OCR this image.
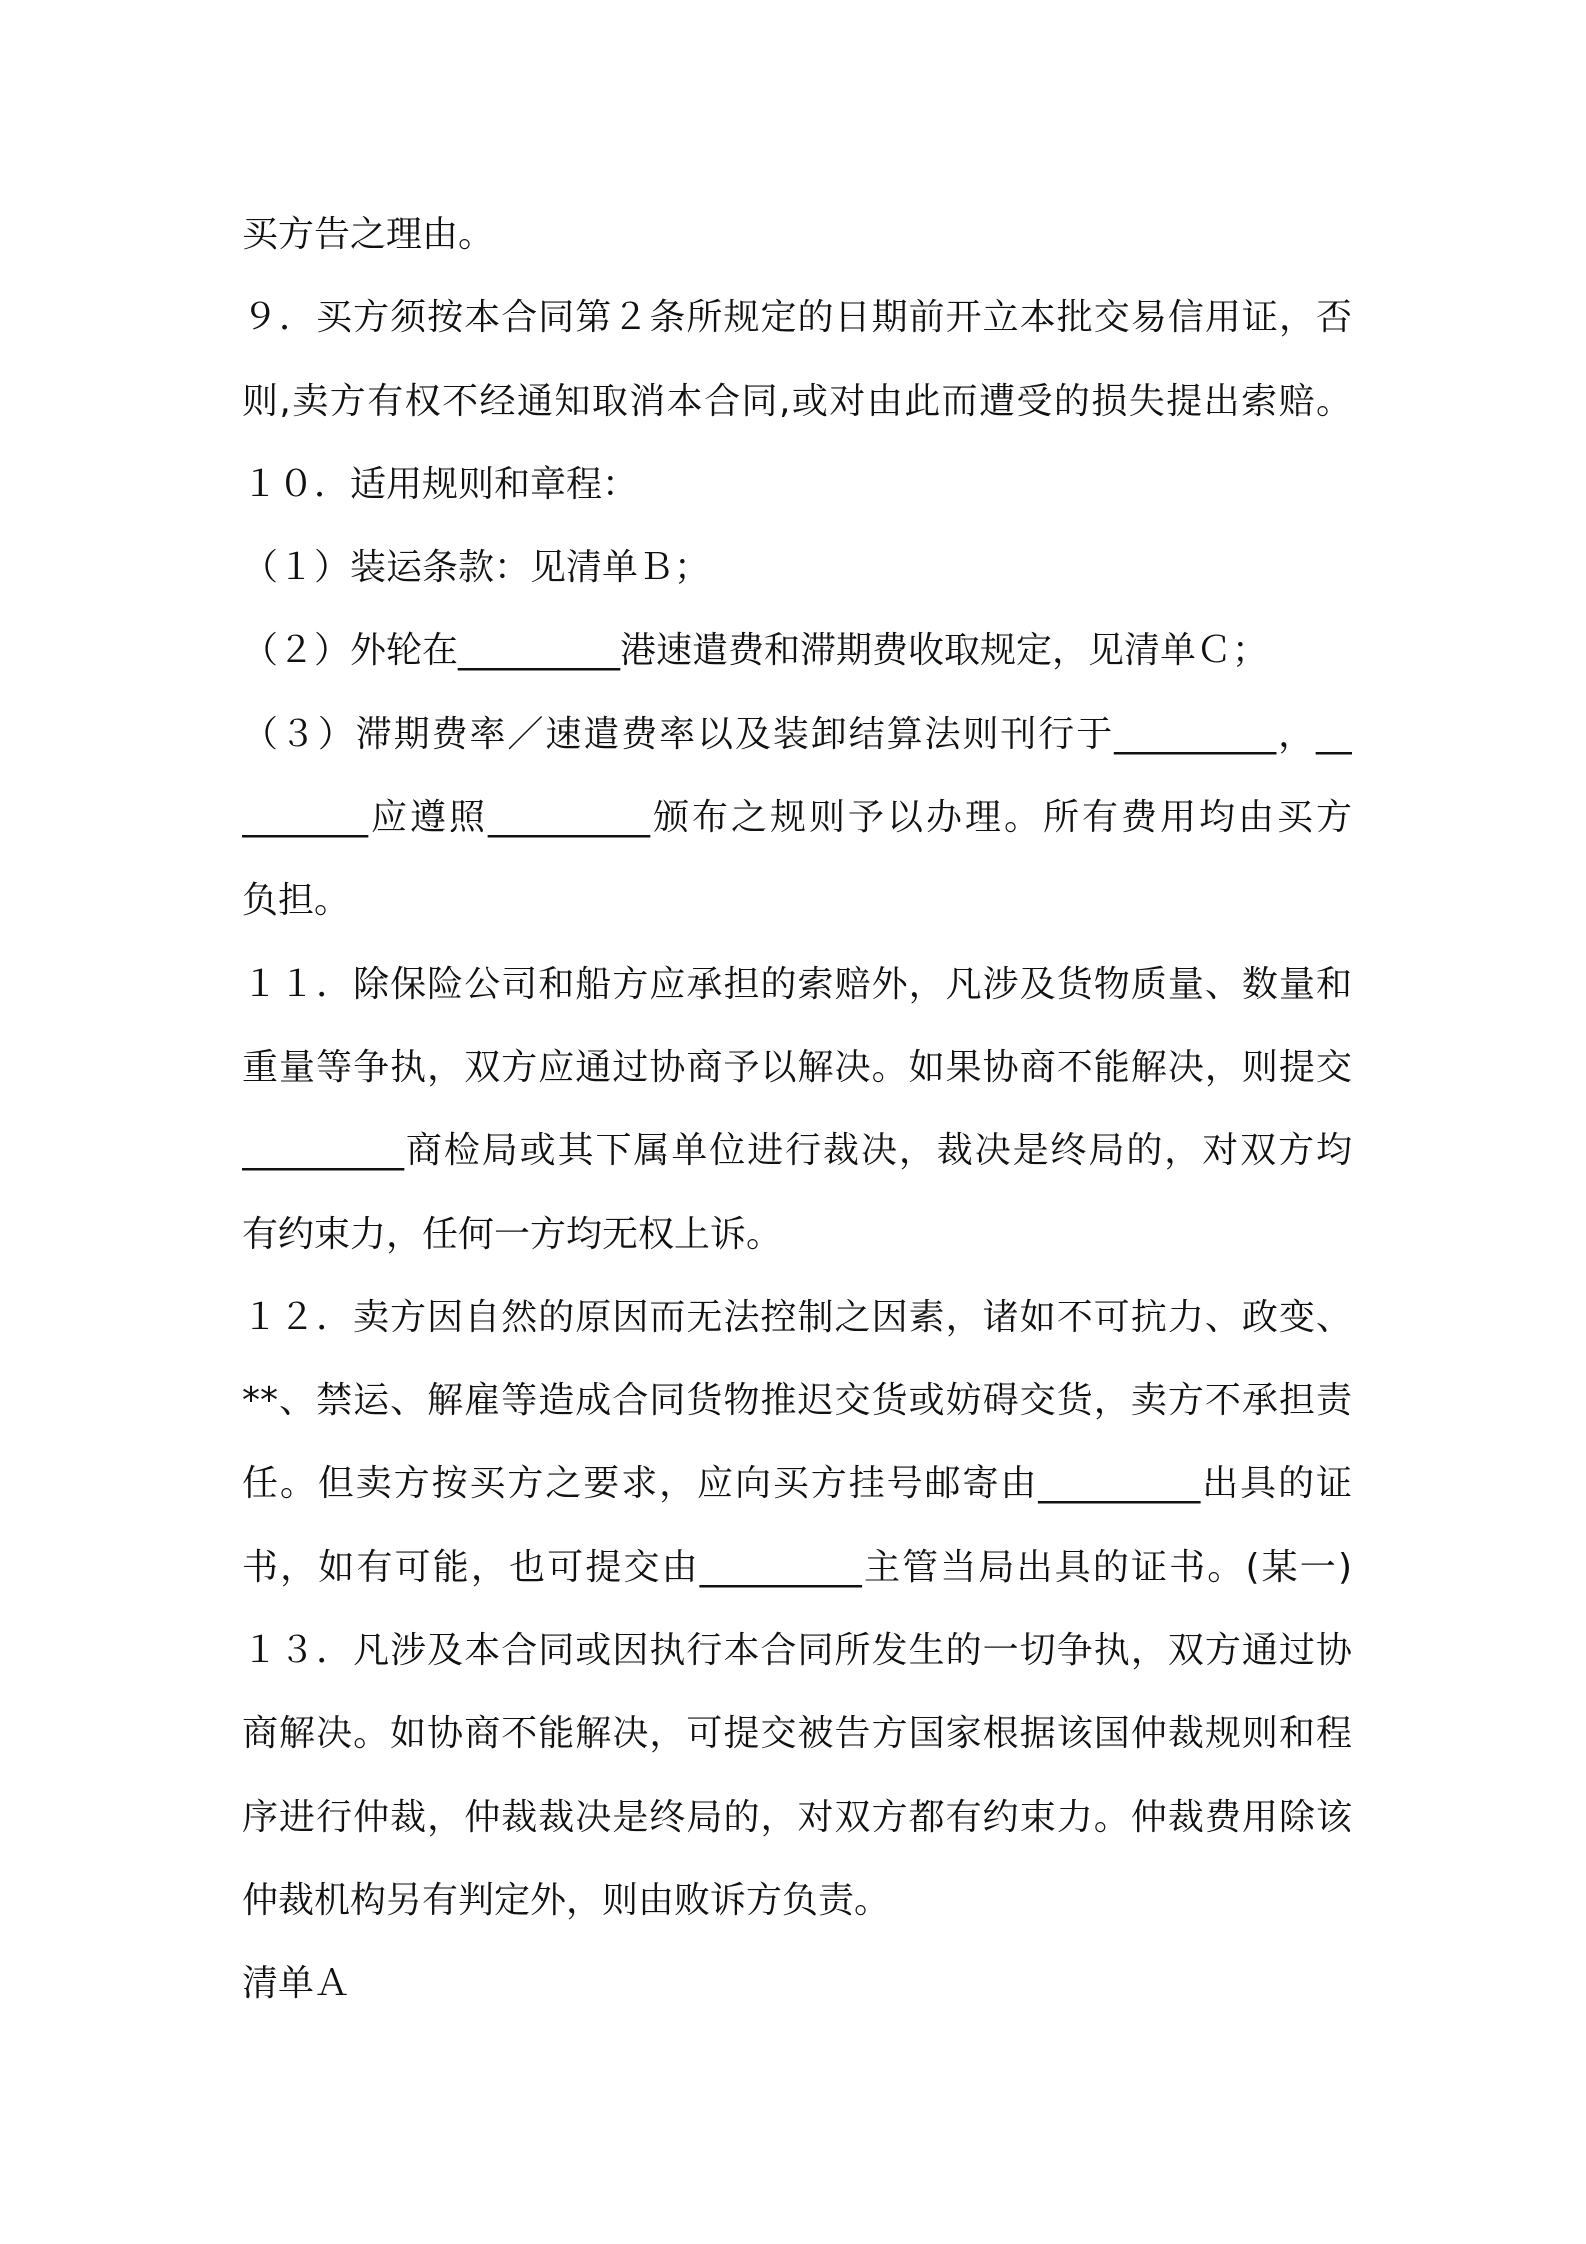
买方告之理由。
９．买方须按本合同第２条所规定的日期前开立本批交易信用证，否
则,卖方有权不经通知取消本合同,或对由此而遭受的损失提出索赔。
１０．适用规则和章程：
（１）装运条款：见清单Ｂ；
（２）外轮在_________港速遣费和滞期费收取规定，见清单Ｃ；
（３）滞期费率／速遣费率以及装卸结算法则刊行于_________，__
_______应遵照_________颁布之规则予以办理。所有费用均由买方
负担。
１１．除保险公司和船方应承担的索赔外，凡涉及货物质量、数量和
重量等争执，双方应通过协商予以解决。如果协商不能解决，则提交
_________商检局或其下属单位进行裁决，裁决是终局的，对双方均
有约束力，任何一方均无权上诉。
１２．卖方因自然的原因而无法控制之因素，诸如不可抗力、政变、
**、禁运、解雇等造成合同货物推迟交货或妨碍交货，卖方不承担责
任。但卖方按买方之要求，应向买方挂号邮寄由_________出具的证
书，如有可能，也可提交由_________主管当局出具的证书。(某一)
１３．凡涉及本合同或因执行本合同所发生的一切争执，双方通过协
商解决。如协商不能解决，可提交被告方国家根据该国仲裁规则和程
序进行仲裁，仲裁裁决是终局的，对双方都有约束力。仲裁费用除该
仲裁机构另有判定外，则由败诉方负责。
清单Ａ
